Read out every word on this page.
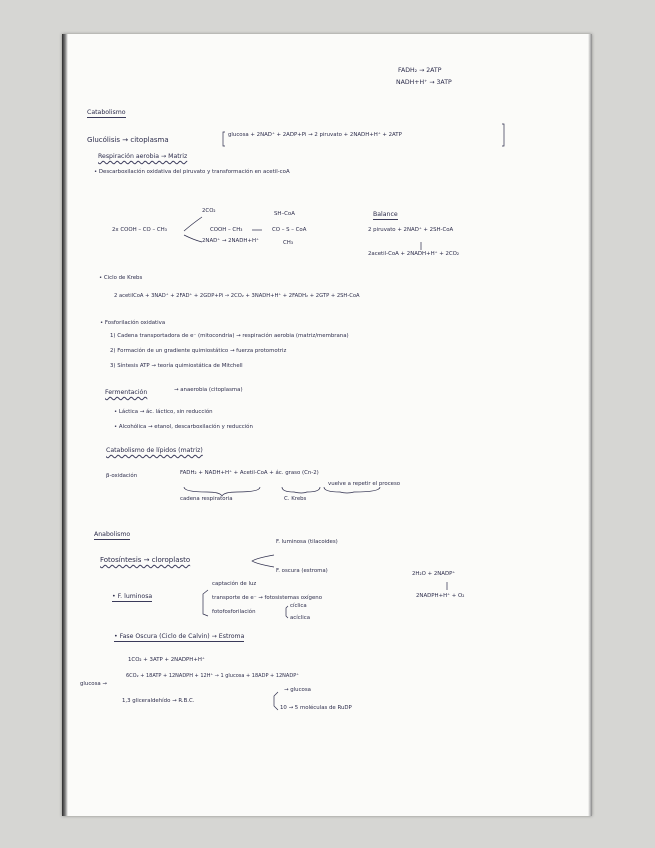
FADH₂ → 2ATP
NADH+H⁺ → 3ATP
Catabolismo
Glucólisis → citoplasma
glucosa + 2NAD⁺ + 2ADP+Pi → 2 piruvato + 2NADH+H⁺ + 2ATP
Respiración aerobia → Matriz
• Descarboxilación oxidativa del piruvato y transformación en acetil-coA
2x COOH – CO – CH₃
2CO₂
2NAD⁺ → 2NADH+H⁺
COOH – CH₃
SH–CoA
CO – S – CoA
CH₃
Balance
2 piruvato + 2NAD⁺ + 2SH-CoA
2acetil-CoA + 2NADH+H⁺ + 2CO₂
• Ciclo de Krebs
2 acetilCoA + 3NAD⁺ + 2FAD⁺ + 2GDP+Pi → 2CO₂ + 3NADH+H⁺ + 2FADH₂ + 2GTP + 2SH-CoA
• Fosforilación oxidativa
1) Cadena transportadora de e⁻ (mitocondria) → respiración aerobia (matriz/membrana)
2) Formación de un gradiente quimiostático → fuerza protomotriz
3) Síntesis ATP → teoría quimiostática de Mitchell
Fermentación	→ anaerobia (citoplasma)
• Láctica → ác. láctico, sin reducción
• Alcohólica → etanol, descarboxilación y reducción
Catabolismo de lípidos (matriz)
β-oxidación	FADH₂ + NADH+H⁺ + Acetil-CoA + ác. graso (Cn-2)
cadena respiratoria	C. Krebs
vuelve a repetir el proceso
Anabolismo
Fotosíntesis → cloroplasto
F. luminosa (tilacoides)
F. oscura (estroma)
• F. luminosa
captación de luz
transporte de e⁻ → fotosistemas oxígeno
fotofosforilación
cíclica
acíclica
2H₂O + 2NADP⁺
2NADPH+H⁺ + O₂
• Fase Oscura (Ciclo de Calvin) → Estroma
1CO₂ + 3ATP + 2NADPH+H⁺
glucosa →
6CO₂ + 18ATP + 12NADPH + 12H⁺ → 1 glucosa + 18ADP + 12NADP⁺
1,3 gliceraldehído → R.B.C.
→ glucosa
10 → 5 moléculas de RuDP
